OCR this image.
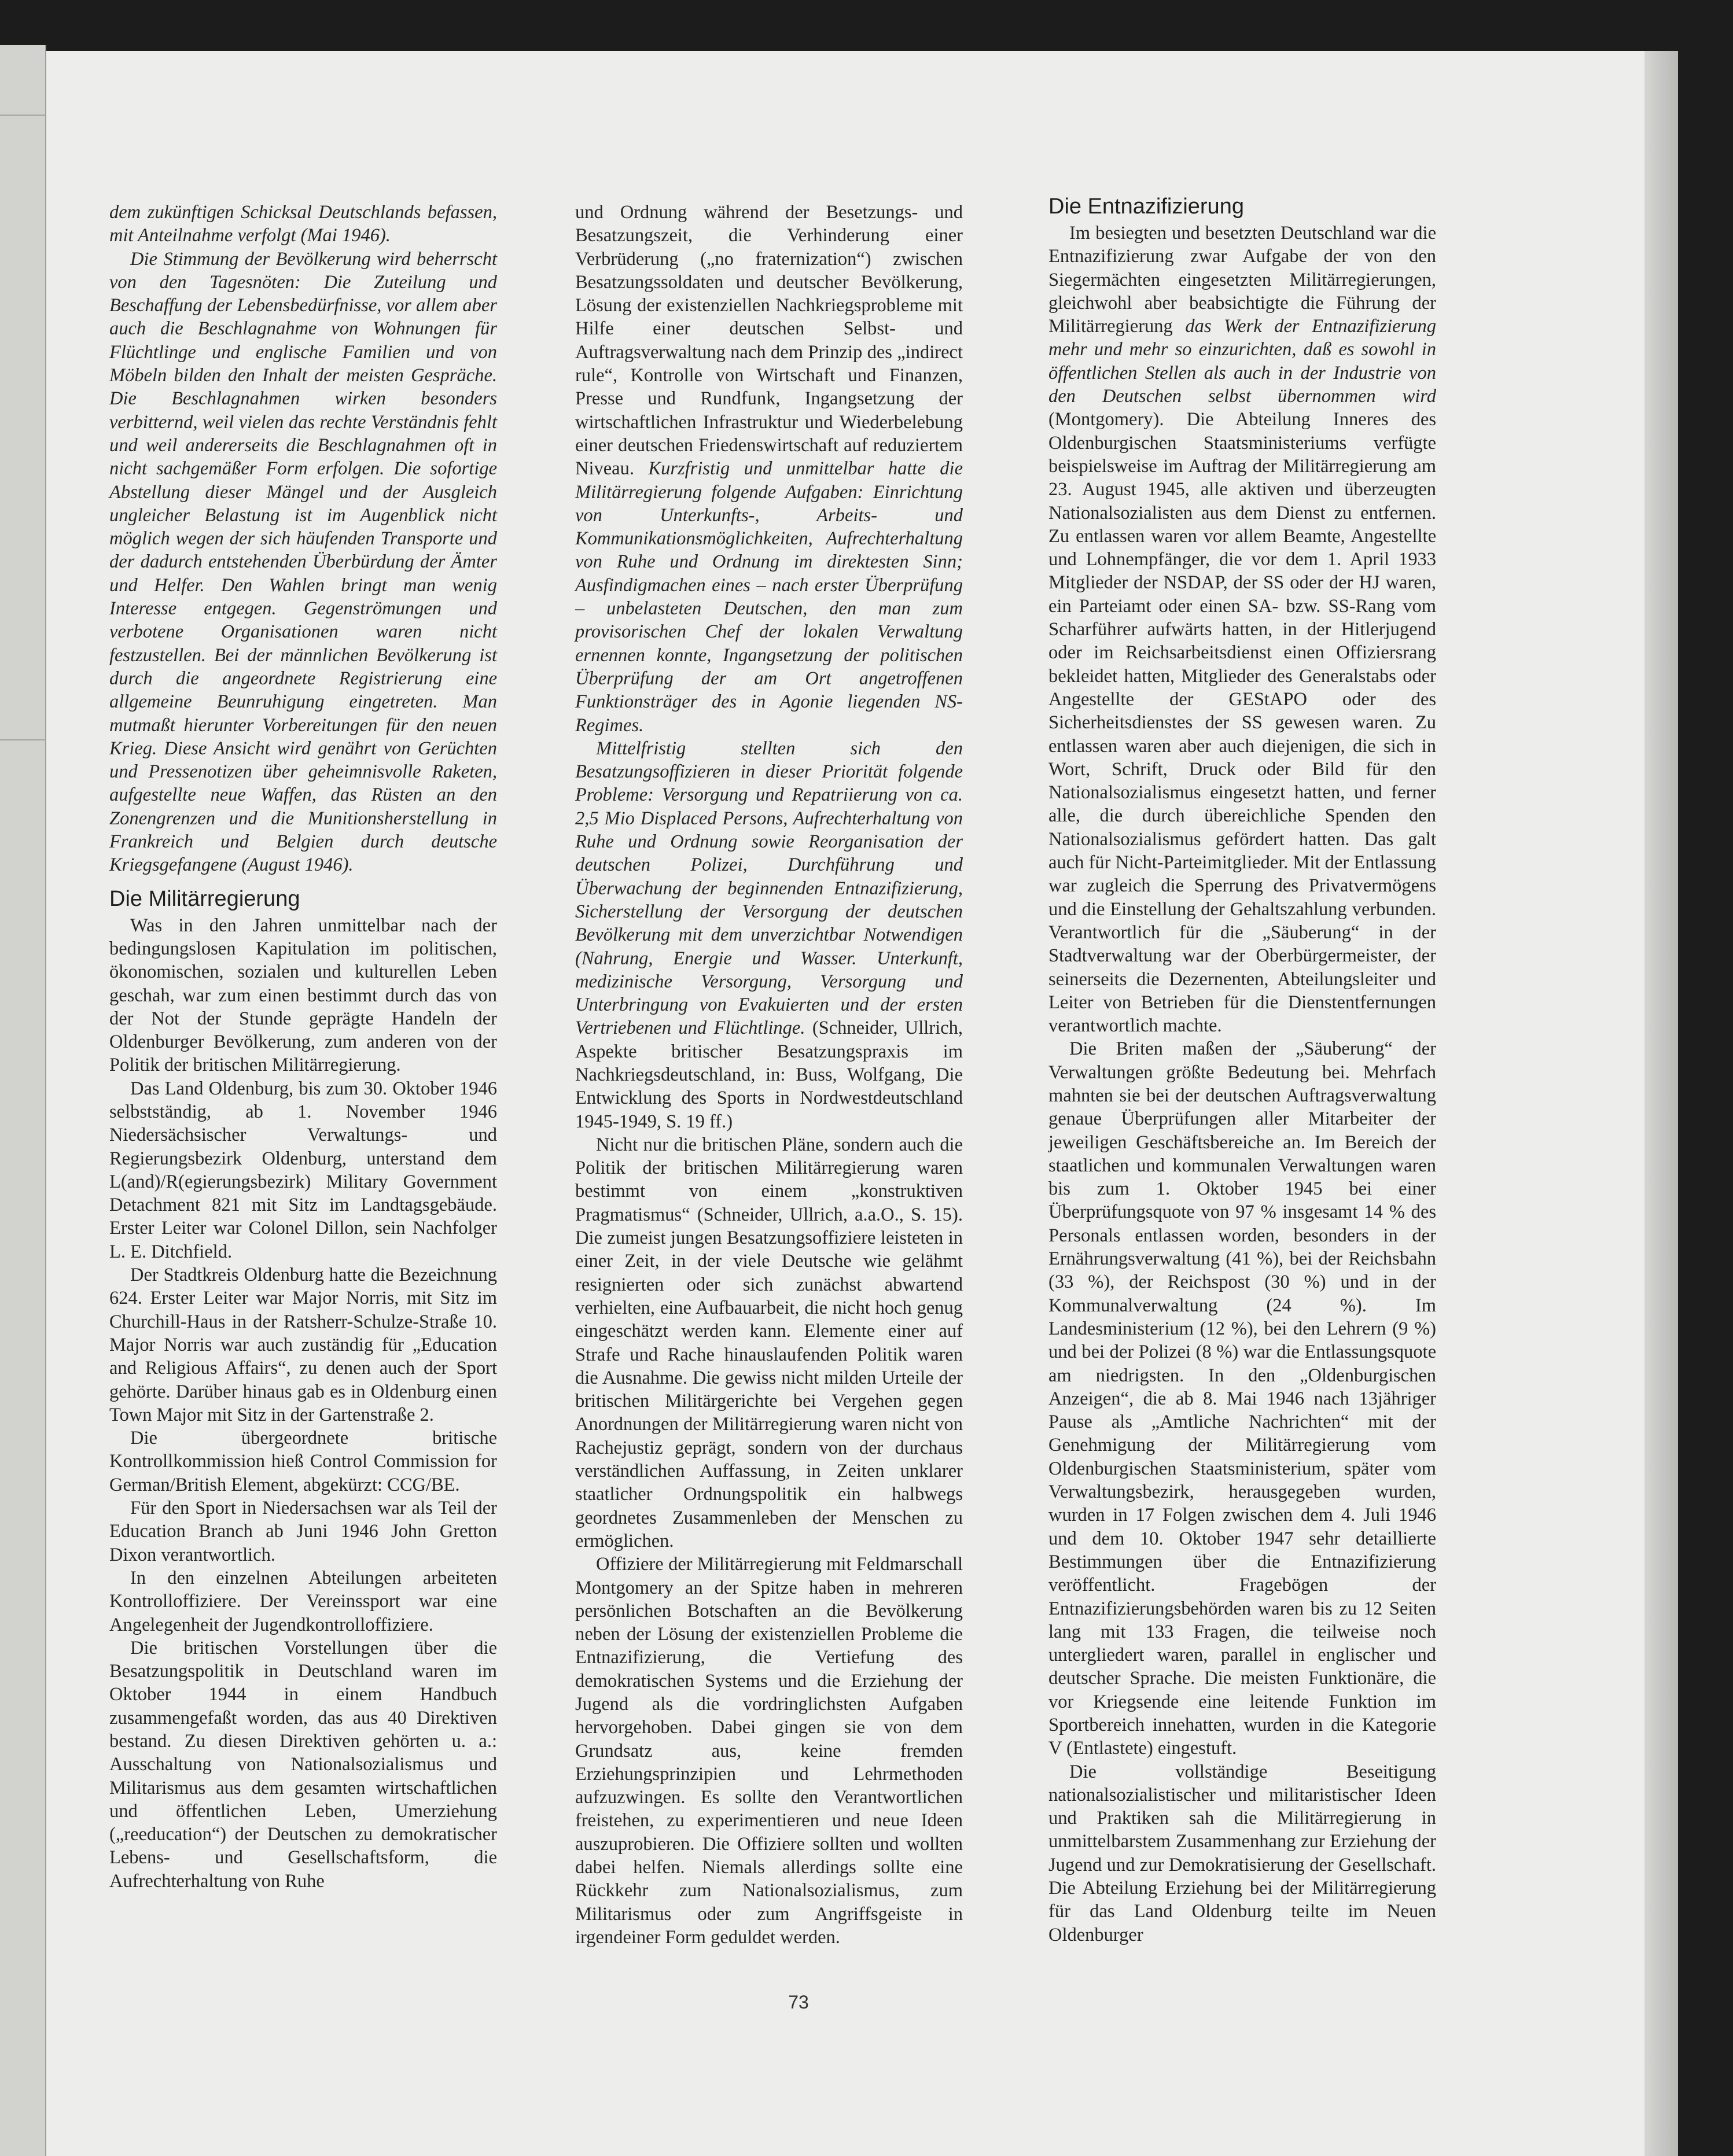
dem zukünftigen Schicksal Deutschlands befassen, mit Anteilnahme verfolgt (Mai 1946).

Die Stimmung der Bevölkerung wird beherrscht von den Tagesnöten: Die Zuteilung und Beschaffung der Lebensbedürfnisse, vor allem aber auch die Beschlagnahme von Wohnungen für Flüchtlinge und englische Familien und von Möbeln bilden den Inhalt der meisten Gespräche. Die Beschlagnahmen wirken besonders verbitternd, weil vielen das rechte Verständnis fehlt und weil andererseits die Beschlagnahmen oft in nicht sachgemäßer Form erfolgen. Die sofortige Abstellung dieser Mängel und der Ausgleich ungleicher Belastung ist im Augenblick nicht möglich wegen der sich häufenden Transporte und der dadurch entstehenden Überbürdung der Ämter und Helfer. Den Wahlen bringt man wenig Interesse entgegen. Gegenströmungen und verbotene Organisationen waren nicht festzustellen. Bei der männlichen Bevölkerung ist durch die angeordnete Registrierung eine allgemeine Beunruhigung eingetreten. Man mutmaßt hierunter Vorbereitungen für den neuen Krieg. Diese Ansicht wird genährt von Gerüchten und Pressenotizen über geheimnisvolle Raketen, aufgestellte neue Waffen, das Rüsten an den Zonengrenzen und die Munitionsherstellung in Frankreich und Belgien durch deutsche Kriegsgefangene (August 1946).

Die Militärregierung

Was in den Jahren unmittelbar nach der bedingungslosen Kapitulation im politischen, ökonomischen, sozialen und kulturellen Leben geschah, war zum einen bestimmt durch das von der Not der Stunde geprägte Handeln der Oldenburger Bevölkerung, zum anderen von der Politik der britischen Militärregierung.

Das Land Oldenburg, bis zum 30. Oktober 1946 selbstständig, ab 1. November 1946 Niedersächsischer Verwaltungs- und Regierungsbezirk Oldenburg, unterstand dem L(and)/R(egierungsbezirk) Military Government Detachment 821 mit Sitz im Landtagsgebäude. Erster Leiter war Colonel Dillon, sein Nachfolger L. E. Ditchfield.

Der Stadtkreis Oldenburg hatte die Bezeichnung 624. Erster Leiter war Major Norris, mit Sitz im Churchill-Haus in der Ratsherr-Schulze-Straße 10. Major Norris war auch zuständig für „Education and Religious Affairs“, zu denen auch der Sport gehörte. Darüber hinaus gab es in Oldenburg einen Town Major mit Sitz in der Gartenstraße 2.

Die übergeordnete britische Kontrollkommission hieß Control Commission for German/British Element, abgekürzt: CCG/BE.

Für den Sport in Niedersachsen war als Teil der Education Branch ab Juni 1946 John Gretton Dixon verantwortlich.

In den einzelnen Abteilungen arbeiteten Kontrolloffiziere. Der Vereinssport war eine Angelegenheit der Jugendkontrolloffiziere.

Die britischen Vorstellungen über die Besatzungspolitik in Deutschland waren im Oktober 1944 in einem Handbuch zusammengefaßt worden, das aus 40 Direktiven bestand. Zu diesen Direktiven gehörten u. a.: Ausschaltung von Nationalsozialismus und Militarismus aus dem gesamten wirtschaftlichen und öffentlichen Leben, Umerziehung („reeducation“) der Deutschen zu demokratischer Lebens- und Gesellschaftsform, die Aufrechterhaltung von Ruhe

und Ordnung während der Besetzungs- und Besatzungszeit, die Verhinderung einer Verbrüderung („no fraternization“) zwischen Besatzungssoldaten und deutscher Bevölkerung, Lösung der existenziellen Nachkriegsprobleme mit Hilfe einer deutschen Selbst- und Auftragsverwaltung nach dem Prinzip des „indirect rule“, Kontrolle von Wirtschaft und Finanzen, Presse und Rundfunk, Ingangsetzung der wirtschaftlichen Infrastruktur und Wiederbelebung einer deutschen Friedenswirtschaft auf reduziertem Niveau. Kurzfristig und unmittelbar hatte die Militärregierung folgende Aufgaben: Einrichtung von Unterkunfts-, Arbeits- und Kommunikationsmöglichkeiten, Aufrechterhaltung von Ruhe und Ordnung im direktesten Sinn; Ausfindigmachen eines – nach erster Überprüfung – unbelasteten Deutschen, den man zum provisorischen Chef der lokalen Verwaltung ernennen konnte, Ingangsetzung der politischen Überprüfung der am Ort angetroffenen Funktionsträger des in Agonie liegenden NS-Regimes.

Mittelfristig stellten sich den Besatzungsoffizieren in dieser Priorität folgende Probleme: Versorgung und Repatriierung von ca. 2,5 Mio Displaced Persons, Aufrechterhaltung von Ruhe und Ordnung sowie Reorganisation der deutschen Polizei, Durchführung und Überwachung der beginnenden Entnazifizierung, Sicherstellung der Versorgung der deutschen Bevölkerung mit dem unverzichtbar Notwendigen (Nahrung, Energie und Wasser. Unterkunft, medizinische Versorgung, Versorgung und Unterbringung von Evakuierten und der ersten Vertriebenen und Flüchtlinge. (Schneider, Ullrich, Aspekte britischer Besatzungspraxis im Nachkriegsdeutschland, in: Buss, Wolfgang, Die Entwicklung des Sports in Nordwestdeutschland 1945-1949, S. 19 ff.)

Nicht nur die britischen Pläne, sondern auch die Politik der britischen Militärregierung waren bestimmt von einem „konstruktiven Pragmatismus“ (Schneider, Ullrich, a.a.O., S. 15). Die zumeist jungen Besatzungsoffiziere leisteten in einer Zeit, in der viele Deutsche wie gelähmt resignierten oder sich zunächst abwartend verhielten, eine Aufbauarbeit, die nicht hoch genug eingeschätzt werden kann. Elemente einer auf Strafe und Rache hinauslaufenden Politik waren die Ausnahme. Die gewiss nicht milden Urteile der britischen Militärgerichte bei Vergehen gegen Anordnungen der Militärregierung waren nicht von Rachejustiz geprägt, sondern von der durchaus verständlichen Auffassung, in Zeiten unklarer staatlicher Ordnungspolitik ein halbwegs geordnetes Zusammenleben der Menschen zu ermöglichen.

Offiziere der Militärregierung mit Feldmarschall Montgomery an der Spitze haben in mehreren persönlichen Botschaften an die Bevölkerung neben der Lösung der existenziellen Probleme die Entnazifizierung, die Vertiefung des demokratischen Systems und die Erziehung der Jugend als die vordringlichsten Aufgaben hervorgehoben. Dabei gingen sie von dem Grundsatz aus, keine fremden Erziehungsprinzipien und Lehrmethoden aufzuzwingen. Es sollte den Verantwortlichen freistehen, zu experimentieren und neue Ideen auszuprobieren. Die Offiziere sollten und wollten dabei helfen. Niemals allerdings sollte eine Rückkehr zum Nationalsozialismus, zum Militarismus oder zum Angriffsgeiste in irgendeiner Form geduldet werden.

Die Entnazifizierung

Im besiegten und besetzten Deutschland war die Entnazifizierung zwar Aufgabe der von den Siegermächten eingesetzten Militärregierungen, gleichwohl aber beabsichtigte die Führung der Militärregierung das Werk der Entnazifizierung mehr und mehr so einzurichten, daß es sowohl in öffentlichen Stellen als auch in der Industrie von den Deutschen selbst übernommen wird (Montgomery). Die Abteilung Inneres des Oldenburgischen Staatsministeriums verfügte beispielsweise im Auftrag der Militärregierung am 23. August 1945, alle aktiven und überzeugten Nationalsozialisten aus dem Dienst zu entfernen. Zu entlassen waren vor allem Beamte, Angestellte und Lohnempfänger, die vor dem 1. April 1933 Mitglieder der NSDAP, der SS oder der HJ waren, ein Parteiamt oder einen SA- bzw. SS-Rang vom Scharführer aufwärts hatten, in der Hitlerjugend oder im Reichsarbeitsdienst einen Offiziersrang bekleidet hatten, Mitglieder des Generalstabs oder Angestellte der GEStAPO oder des Sicherheitsdienstes der SS gewesen waren. Zu entlassen waren aber auch diejenigen, die sich in Wort, Schrift, Druck oder Bild für den Nationalsozialismus eingesetzt hatten, und ferner alle, die durch übereichliche Spenden den Nationalsozialismus gefördert hatten. Das galt auch für Nicht-Parteimitglieder. Mit der Entlassung war zugleich die Sperrung des Privatvermögens und die Einstellung der Gehaltszahlung verbunden. Verantwortlich für die „Säuberung“ in der Stadtverwaltung war der Oberbürgermeister, der seinerseits die Dezernenten, Abteilungsleiter und Leiter von Betrieben für die Dienstentfernungen verantwortlich machte.

Die Briten maßen der „Säuberung“ der Verwaltungen größte Bedeutung bei. Mehrfach mahnten sie bei der deutschen Auftragsverwaltung genaue Überprüfungen aller Mitarbeiter der jeweiligen Geschäftsbereiche an. Im Bereich der staatlichen und kommunalen Verwaltungen waren bis zum 1. Oktober 1945 bei einer Überprüfungsquote von 97 % insgesamt 14 % des Personals entlassen worden, besonders in der Ernährungsverwaltung (41 %), bei der Reichsbahn (33 %), der Reichspost (30 %) und in der Kommunalverwaltung (24 %). Im Landesministerium (12 %), bei den Lehrern (9 %) und bei der Polizei (8 %) war die Entlassungsquote am niedrigsten. In den „Oldenburgischen Anzeigen“, die ab 8. Mai 1946 nach 13jähriger Pause als „Amtliche Nachrichten“ mit der Genehmigung der Militärregierung vom Oldenburgischen Staatsministerium, später vom Verwaltungsbezirk, herausgegeben wurden, wurden in 17 Folgen zwischen dem 4. Juli 1946 und dem 10. Oktober 1947 sehr detaillierte Bestimmungen über die Entnazifizierung veröffentlicht. Fragebögen der Entnazifizierungsbehörden waren bis zu 12 Seiten lang mit 133 Fragen, die teilweise noch untergliedert waren, parallel in englischer und deutscher Sprache. Die meisten Funktionäre, die vor Kriegsende eine leitende Funktion im Sportbereich innehatten, wurden in die Kategorie V (Entlastete) eingestuft.

Die vollständige Beseitigung nationalsozialistischer und militaristischer Ideen und Praktiken sah die Militärregierung in unmittelbarstem Zusammenhang zur Erziehung der Jugend und zur Demokratisierung der Gesellschaft. Die Abteilung Erziehung bei der Militärregierung für das Land Oldenburg teilte im Neuen Oldenburger

73
